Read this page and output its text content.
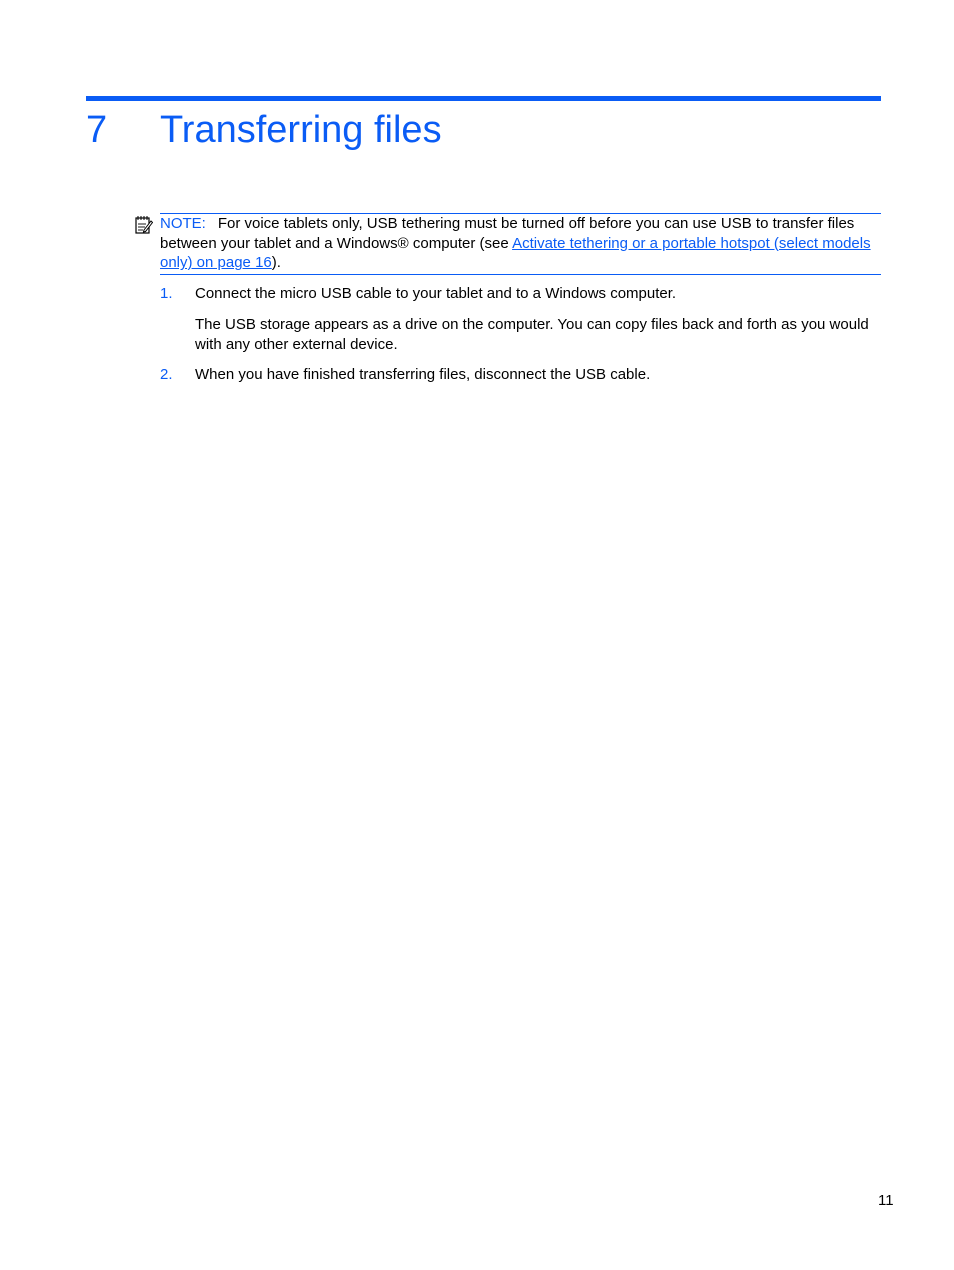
7 Transferring files
NOTE: For voice tablets only, USB tethering must be turned off before you can use USB to transfer files between your tablet and a Windows® computer (see Activate tethering or a portable hotspot (select models only) on page 16).
1. Connect the micro USB cable to your tablet and to a Windows computer.
The USB storage appears as a drive on the computer. You can copy files back and forth as you would with any other external device.
2. When you have finished transferring files, disconnect the USB cable.
11
